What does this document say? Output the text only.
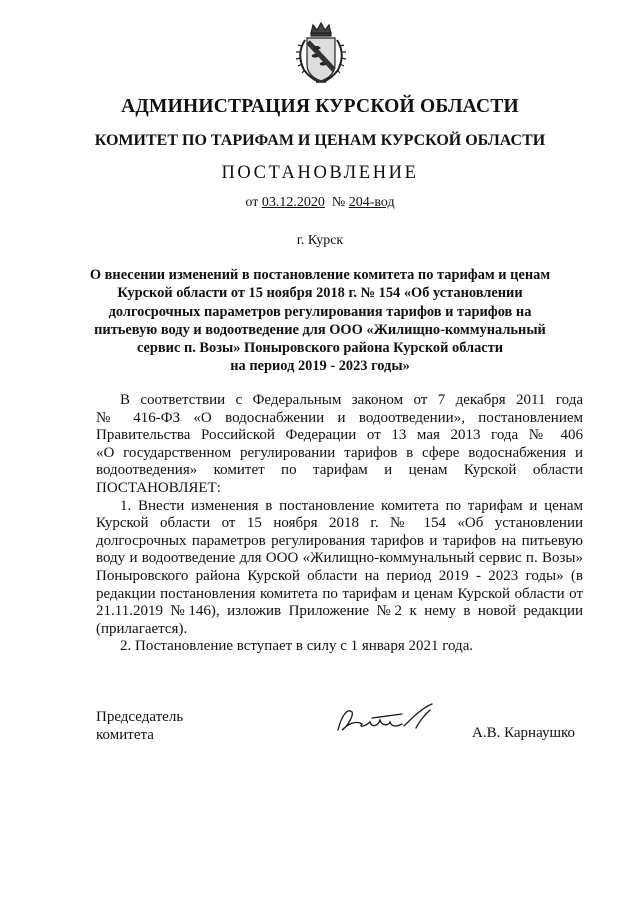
АДМИНИСТРАЦИЯ КУРСКОЙ ОБЛАСТИ
КОМИТЕТ ПО ТАРИФАМ И ЦЕНАМ КУРСКОЙ ОБЛАСТИ
ПОСТАНОВЛЕНИЕ
от 03.12.2020 № 204-вод
г. Курск
О внесении изменений в постановление комитета по тарифам и ценам
Курской области от 15 ноября 2018 г. № 154 «Об установлении
долгосрочных параметров регулирования тарифов и тарифов на
питьевую воду и водоотведение для ООО «Жилищно-коммунальный
сервис п. Возы» Поныровского района Курской области
на период 2019 - 2023 годы»
В соответствии с Федеральным законом от 7 декабря 2011 года
№ 416-ФЗ «О водоснабжении и водоотведении», постановлением
Правительства Российской Федерации от 13 мая 2013 года № 406
«О государственном регулировании тарифов в сфере водоснабжения и
водоотведения» комитет по тарифам и ценам Курской области
ПОСТАНОВЛЯЕТ:
1. Внести изменения в постановление комитета по тарифам и ценам
Курской области от 15 ноября 2018 г. № 154 «Об установлении
долгосрочных параметров регулирования тарифов и тарифов на питьевую
воду и водоотведение для ООО «Жилищно-коммунальный сервис п. Возы»
Поныровского района Курской области на период 2019 - 2023 годы» (в
редакции постановления комитета по тарифам и ценам Курской области от
21.11.2019 №146), изложив Приложение №2 к нему в новой редакции
(прилагается).
2. Постановление вступает в силу с 1 января 2021 года.
Председатель
комитета	А.В. Карнаушко
